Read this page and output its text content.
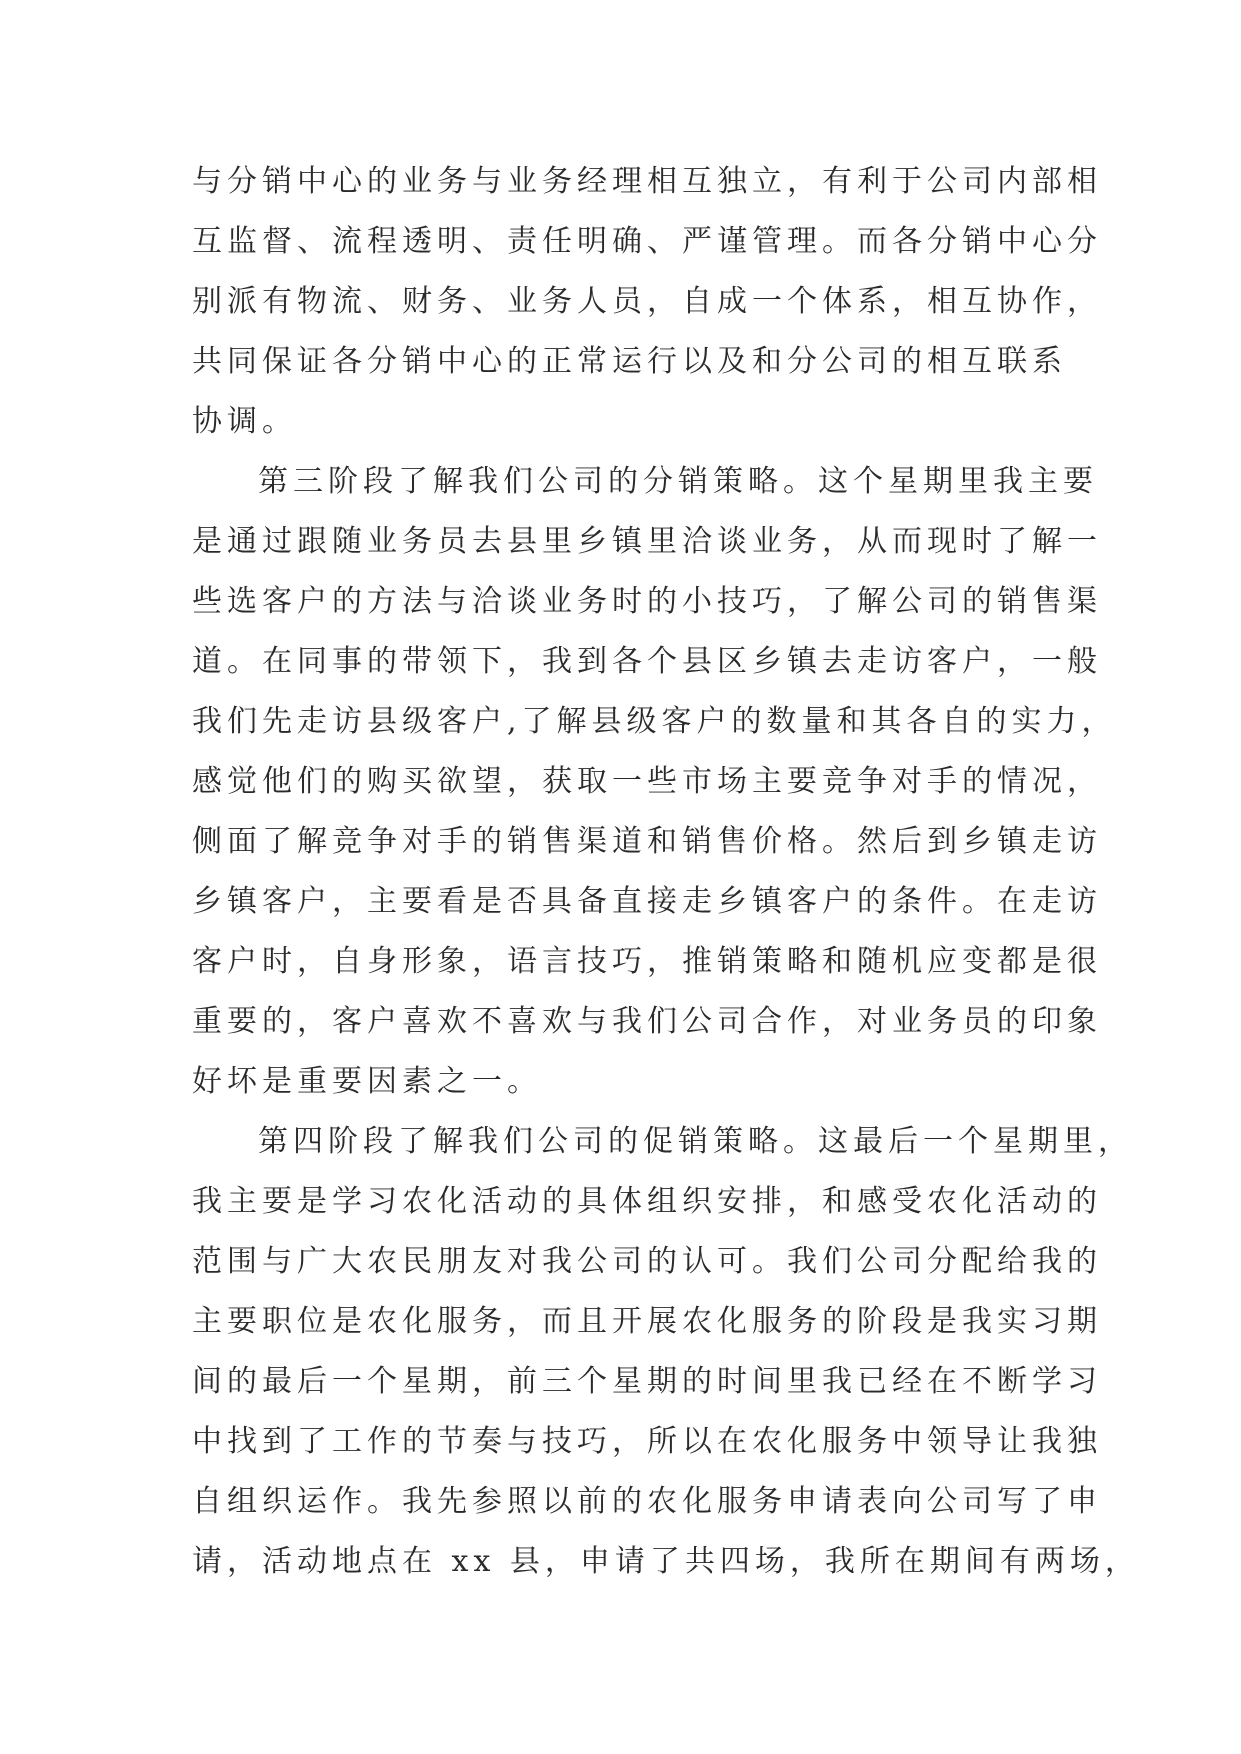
与分销中心的业务与业务经理相互独立，有利于公司内部相
互监督、流程透明、责任明确、严谨管理。而各分销中心分
别派有物流、财务、业务人员，自成一个体系，相互协作，
共同保证各分销中心的正常运行以及和分公司的相互联系
协调。
第三阶段了解我们公司的分销策略。这个星期里我主要
是通过跟随业务员去县里乡镇里洽谈业务，从而现时了解一
些选客户的方法与洽谈业务时的小技巧，了解公司的销售渠
道。在同事的带领下，我到各个县区乡镇去走访客户，一般
我们先走访县级客户,了解县级客户的数量和其各自的实力，
感觉他们的购买欲望，获取一些市场主要竞争对手的情况，
侧面了解竞争对手的销售渠道和销售价格。然后到乡镇走访
乡镇客户，主要看是否具备直接走乡镇客户的条件。在走访
客户时，自身形象，语言技巧，推销策略和随机应变都是很
重要的，客户喜欢不喜欢与我们公司合作，对业务员的印象
好坏是重要因素之一。
第四阶段了解我们公司的促销策略。这最后一个星期里，
我主要是学习农化活动的具体组织安排，和感受农化活动的
范围与广大农民朋友对我公司的认可。我们公司分配给我的
主要职位是农化服务，而且开展农化服务的阶段是我实习期
间的最后一个星期，前三个星期的时间里我已经在不断学习
中找到了工作的节奏与技巧，所以在农化服务中领导让我独
自组织运作。我先参照以前的农化服务申请表向公司写了申
请，活动地点在 xx 县，申请了共四场，我所在期间有两场，
